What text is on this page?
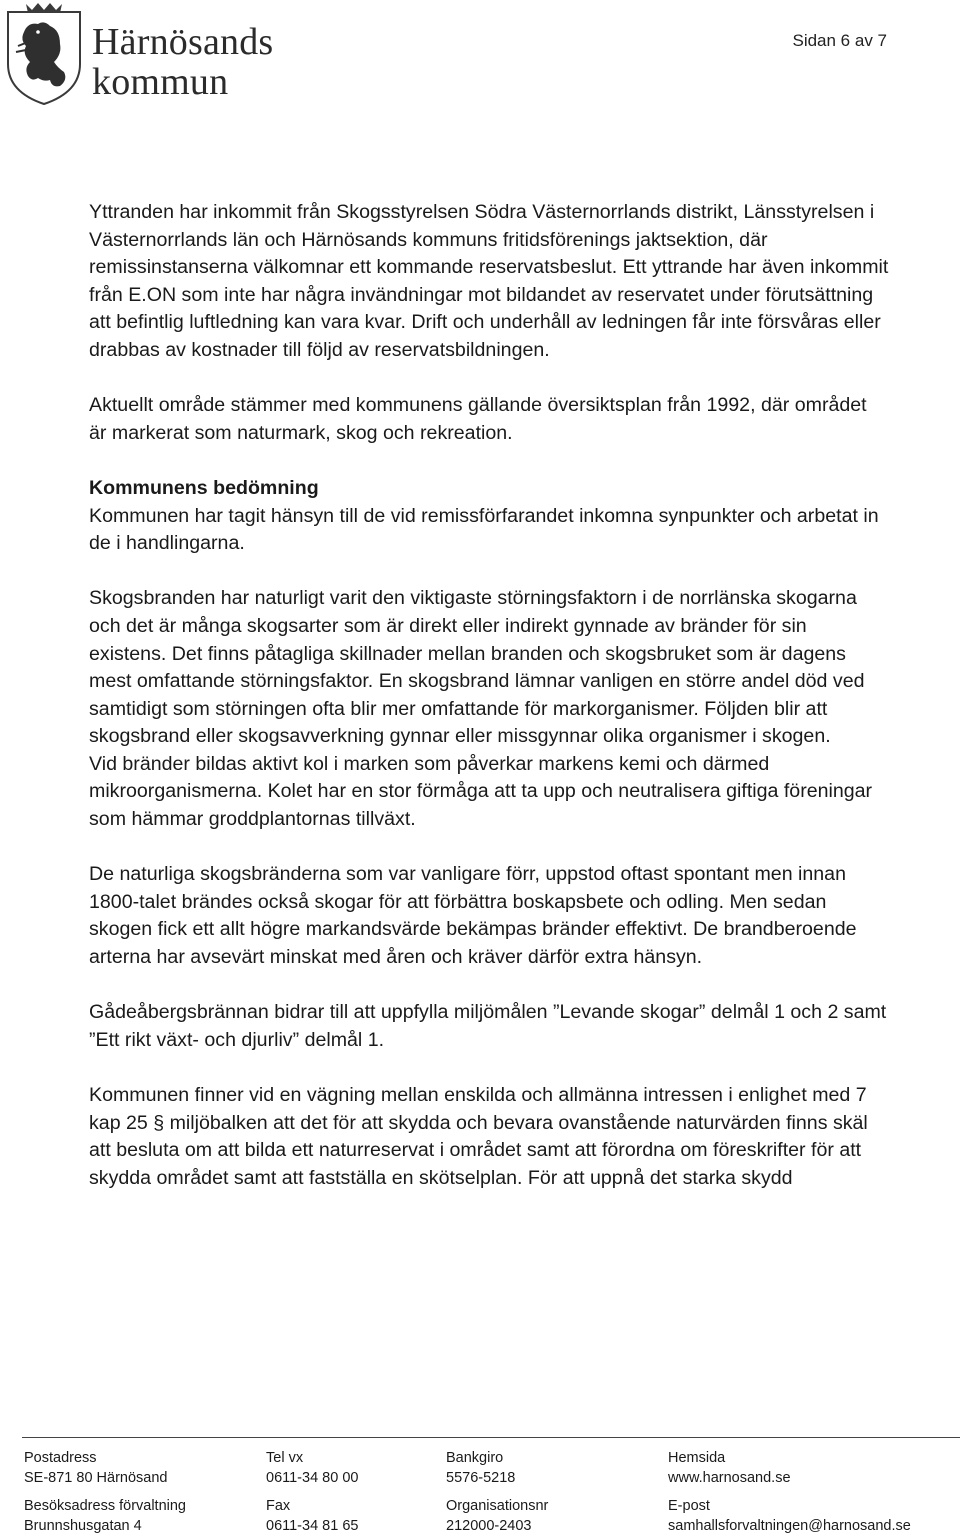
Härnösands
kommun
Sidan 6 av 7

Yttranden har inkommit från Skogsstyrelsen Södra Västernorrlands distrikt, Länsstyrelsen i Västernorrlands län och Härnösands kommuns fritidsförenings jaktsektion, där remissinstanserna välkomnar ett kommande reservatsbeslut. Ett yttrande har även inkommit från E.ON som inte har några invändningar mot bildandet av reservatet under förutsättning att befintlig luftledning kan vara kvar. Drift och underhåll av ledningen får inte försvåras eller drabbas av kostnader till följd av reservatsbildningen.

Aktuellt område stämmer med kommunens gällande översiktsplan från 1992, där området är markerat som naturmark, skog och rekreation.

Kommunens bedömning

Kommunen har tagit hänsyn till de vid remissförfarandet inkomna synpunkter och arbetat in de i handlingarna.

Skogsbranden har naturligt varit den viktigaste störningsfaktorn i de norrlänska skogarna och det är många skogsarter som är direkt eller indirekt gynnade av bränder för sin existens. Det finns påtagliga skillnader mellan branden och skogsbruket som är dagens mest omfattande störningsfaktor. En skogsbrand lämnar vanligen en större andel död ved samtidigt som störningen ofta blir mer omfattande för markorganismer. Följden blir att skogsbrand eller skogsavverkning gynnar eller missgynnar olika organismer i skogen.

Vid bränder bildas aktivt kol i marken som påverkar markens kemi och därmed mikroorganismerna. Kolet har en stor förmåga att ta upp och neutralisera giftiga föreningar som hämmar groddplantornas tillväxt.

De naturliga skogsbränderna som var vanligare förr, uppstod oftast spontant men innan 1800-talet brändes också skogar för att förbättra boskapsbete och odling. Men sedan skogen fick ett allt högre markandsvärde bekämpas bränder effektivt. De brandberoende arterna har avsevärt minskat med åren och kräver därför extra hänsyn.

Gådeåbergsbrännan bidrar till att uppfylla miljömålen ”Levande skogar” delmål 1 och 2 samt ”Ett rikt växt- och djurliv” delmål 1.

Kommunen finner vid en vägning mellan enskilda och allmänna intressen i enlighet med 7 kap 25 § miljöbalken att det för att skydda och bevara ovanstående naturvärden finns skäl att besluta om att bilda ett naturreservat i området samt att förordna om föreskrifter för att skydda området samt att fastställa en skötselplan. För att uppnå det starka skydd

Postadress
SE-871 80 Härnösand
Besöksadress förvaltning
Brunnshusgatan 4
Tel vx
0611-34 80 00
Fax
0611-34 81 65
Bankgiro
5576-5218
Organisationsnr
212000-2403
Hemsida
www.harnosand.se
E-post
samhallsforvaltningen@harnosand.se
